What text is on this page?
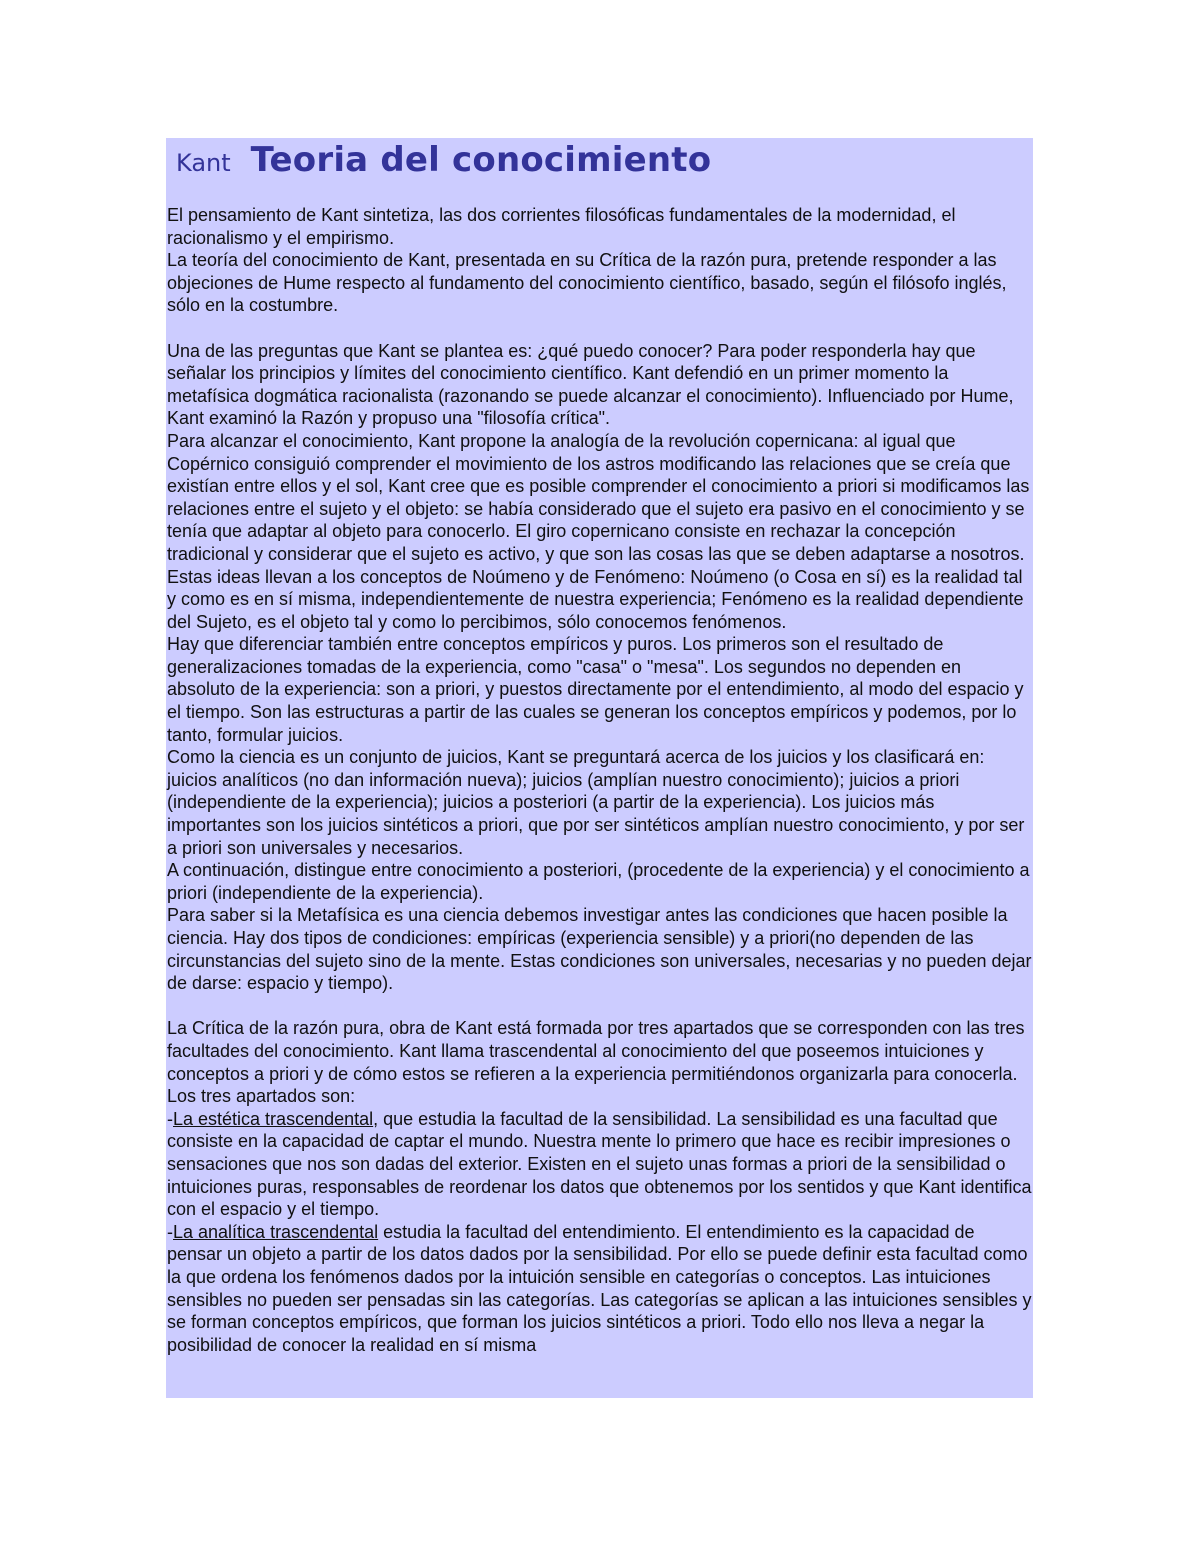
Kant Teoria del conocimiento

El pensamiento de Kant sintetiza, las dos corrientes filosóficas fundamentales de la modernidad, el racionalismo y el empirismo.

La teoría del conocimiento de Kant, presentada en su Crítica de la razón pura, pretende responder a las objeciones de Hume respecto al fundamento del conocimiento científico, basado, según el filósofo inglés, sólo en la costumbre.

Una de las preguntas que Kant se plantea es: ¿qué puedo conocer? Para poder responderla hay que señalar los principios y límites del conocimiento científico. Kant defendió en un primer momento la metafísica dogmática racionalista (razonando se puede alcanzar el conocimiento). Influenciado por Hume, Kant examinó la Razón y propuso una "filosofía crítica".

Para alcanzar el conocimiento, Kant propone la analogía de la revolución copernicana: al igual que Copérnico consiguió comprender el movimiento de los astros modificando las relaciones que se creía que existían entre ellos y el sol, Kant cree que es posible comprender el conocimiento a priori si modificamos las relaciones entre el sujeto y el objeto: se había considerado que el sujeto era pasivo en el conocimiento y se tenía que adaptar al objeto para conocerlo. El giro copernicano consiste en rechazar la concepción tradicional y considerar que el sujeto es activo, y que son las cosas las que se deben adaptarse a nosotros. Estas ideas llevan a los conceptos de Noúmeno y de Fenómeno: Noúmeno (o Cosa en sí) es la realidad tal y como es en sí misma, independientemente de nuestra experiencia; Fenómeno es la realidad dependiente del Sujeto, es el objeto tal y como lo percibimos, sólo conocemos fenómenos.

Hay que diferenciar también entre conceptos empíricos y puros. Los primeros son el resultado de generalizaciones tomadas de la experiencia, como "casa" o "mesa". Los segundos no dependen en absoluto de la experiencia: son a priori, y puestos directamente por el entendimiento, al modo del espacio y el tiempo. Son las estructuras a partir de las cuales se generan los conceptos empíricos y podemos, por lo tanto, formular juicios.

Como la ciencia es un conjunto de juicios, Kant se preguntará acerca de los juicios y los clasificará en: juicios analíticos (no dan información nueva); juicios (amplían nuestro conocimiento); juicios a priori (independiente de la experiencia); juicios a posteriori (a partir de la experiencia). Los juicios más importantes son los juicios sintéticos a priori, que por ser sintéticos amplían nuestro conocimiento, y por ser a priori son universales y necesarios.

A continuación, distingue entre conocimiento a posteriori, (procedente de la experiencia) y el conocimiento a priori (independiente de la experiencia).

Para saber si la Metafísica es una ciencia debemos investigar antes las condiciones que hacen posible la ciencia. Hay dos tipos de condiciones: empíricas (experiencia sensible) y a priori(no dependen de las circunstancias del sujeto sino de la mente. Estas condiciones son universales, necesarias y no pueden dejar de darse: espacio y tiempo).

La Crítica de la razón pura, obra de Kant está formada por tres apartados que se corresponden con las tres facultades del conocimiento. Kant llama trascendental al conocimiento del que poseemos intuiciones y conceptos a priori y de cómo estos se refieren a la experiencia permitiéndonos organizarla para conocerla.

Los tres apartados son:

-La estética trascendental, que estudia la facultad de la sensibilidad. La sensibilidad es una facultad que consiste en la capacidad de captar el mundo. Nuestra mente lo primero que hace es recibir impresiones o sensaciones que nos son dadas del exterior. Existen en el sujeto unas formas a priori de la sensibilidad o intuiciones puras, responsables de reordenar los datos que obtenemos por los sentidos y que Kant identifica con el espacio y el tiempo.

-La analítica trascendental estudia la facultad del entendimiento. El entendimiento es la capacidad de pensar un objeto a partir de los datos dados por la sensibilidad. Por ello se puede definir esta facultad como la que ordena los fenómenos dados por la intuición sensible en categorías o conceptos. Las intuiciones sensibles no pueden ser pensadas sin las categorías. Las categorías se aplican a las intuiciones sensibles y se forman conceptos empíricos, que forman los juicios sintéticos a priori. Todo ello nos lleva a negar la posibilidad de conocer la realidad en sí misma
